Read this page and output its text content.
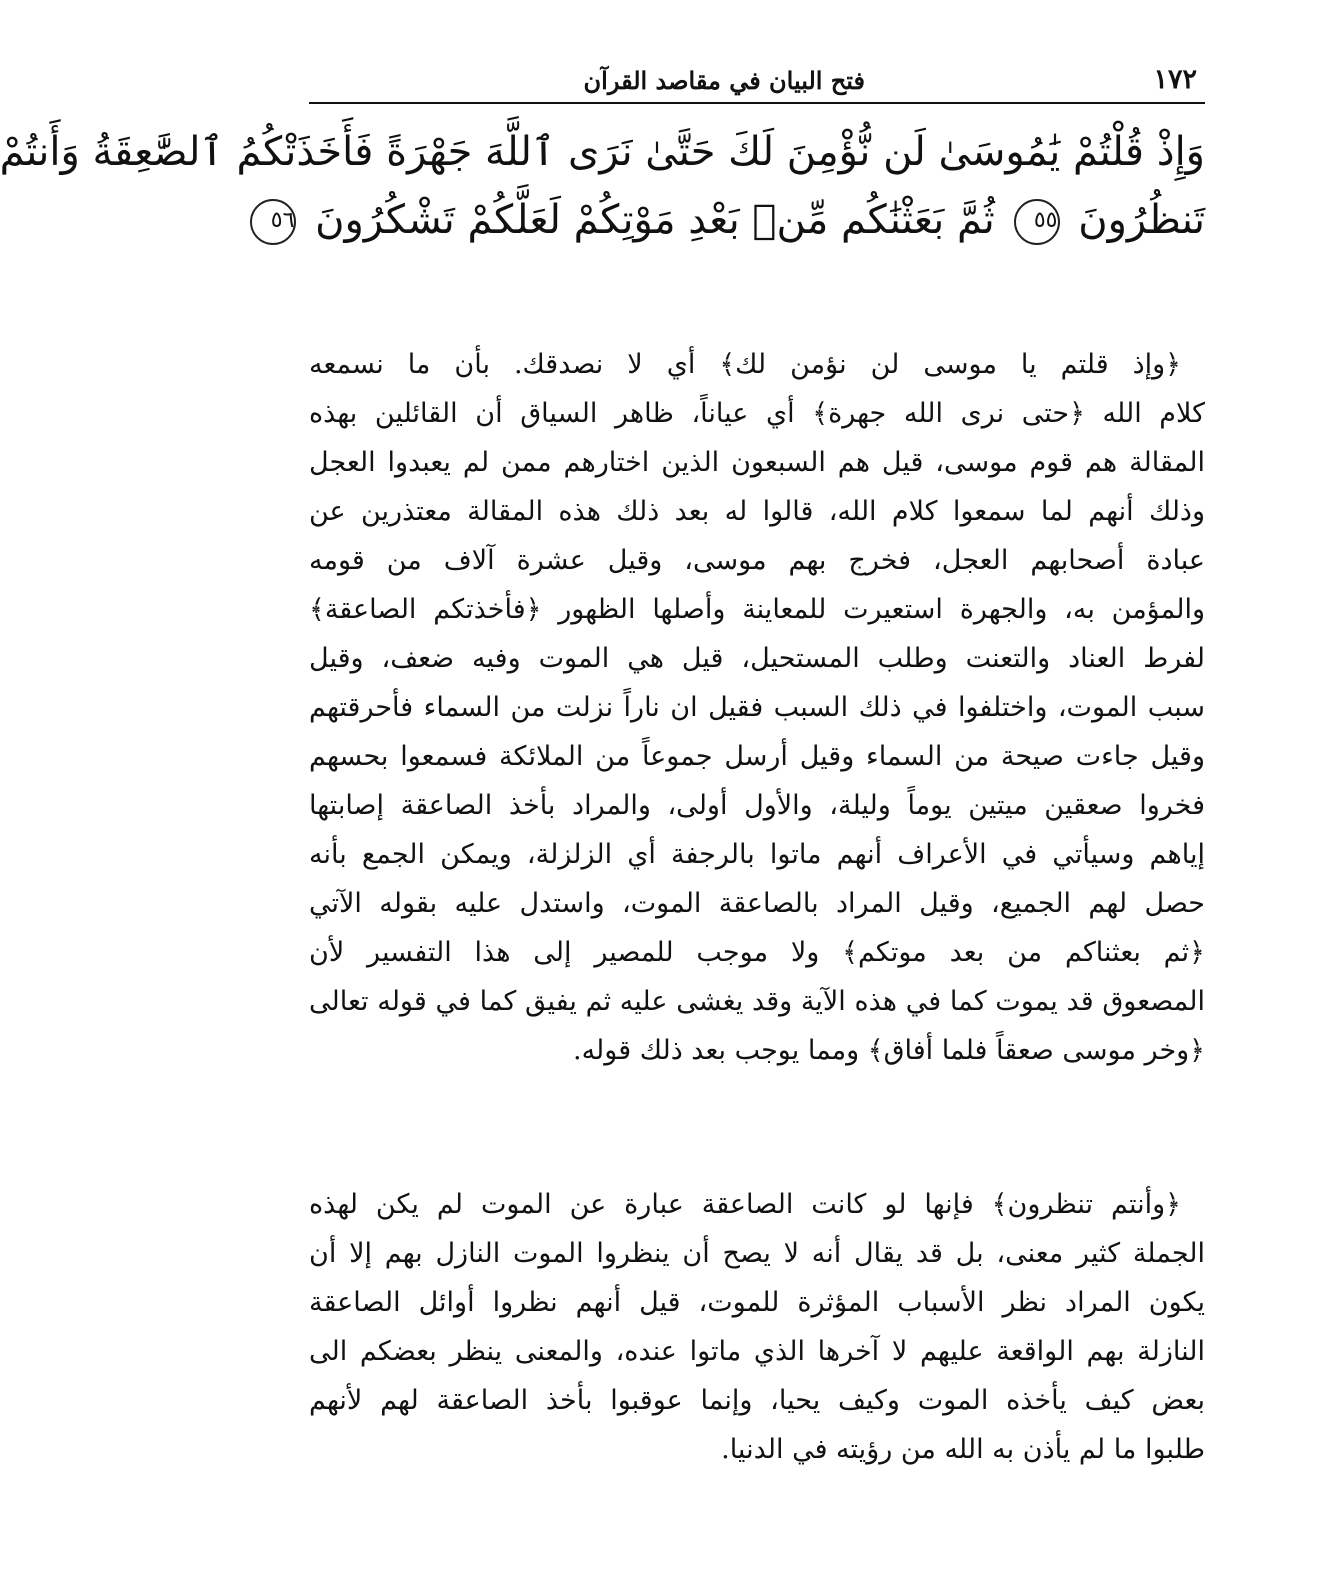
١٧٢
فتح البيان في مقاصد القرآن
وَإِذْ قُلْتُمْ يَٰمُوسَىٰ لَن نُّؤْمِنَ لَكَ حَتَّىٰ نَرَى ٱللَّهَ جَهْرَةً فَأَخَذَتْكُمُ ٱلصَّٰعِقَةُ وَأَنتُمْ
تَنظُرُونَ ٥٥ ثُمَّ بَعَثْنَٰكُم مِّنۢ بَعْدِ مَوْتِكُمْ لَعَلَّكُمْ تَشْكُرُونَ ٥٦
﴿وإذ قلتم يا موسى لن نؤمن لك﴾ أي لا نصدقك. بأن ما نسمعه
كلام الله ﴿حتى نرى الله جهرة﴾ أي عياناً، ظاهر السياق أن القائلين بهذه
المقالة هم قوم موسى، قيل هم السبعون الذين اختارهم ممن لم يعبدوا العجل
وذلك أنهم لما سمعوا كلام الله، قالوا له بعد ذلك هذه المقالة معتذرين عن
عبادة أصحابهم العجل، فخرج بهم موسى، وقيل عشرة آلاف من قومه
والمؤمن به، والجهرة استعيرت للمعاينة وأصلها الظهور ﴿فأخذتكم الصاعقة﴾
لفرط العناد والتعنت وطلب المستحيل، قيل هي الموت وفيه ضعف، وقيل
سبب الموت، واختلفوا في ذلك السبب فقيل ان ناراً نزلت من السماء فأحرقتهم
وقيل جاءت صيحة من السماء وقيل أرسل جموعاً من الملائكة فسمعوا بحسهم
فخروا صعقين ميتين يوماً وليلة، والأول أولى، والمراد بأخذ الصاعقة إصابتها
إياهم وسيأتي في الأعراف أنهم ماتوا بالرجفة أي الزلزلة، ويمكن الجمع بأنه
حصل لهم الجميع، وقيل المراد بالصاعقة الموت، واستدل عليه بقوله الآتي
﴿ثم بعثناكم من بعد موتكم﴾ ولا موجب للمصير إلى هذا التفسير لأن
المصعوق قد يموت كما في هذه الآية وقد يغشى عليه ثم يفيق كما في قوله تعالى
﴿وخر موسى صعقاً فلما أفاق﴾ ومما يوجب بعد ذلك قوله.
﴿وأنتم تنظرون﴾ فإنها لو كانت الصاعقة عبارة عن الموت لم يكن لهذه
الجملة كثير معنى، بل قد يقال أنه لا يصح أن ينظروا الموت النازل بهم إلا أن
يكون المراد نظر الأسباب المؤثرة للموت، قيل أنهم نظروا أوائل الصاعقة
النازلة بهم الواقعة عليهم لا آخرها الذي ماتوا عنده، والمعنى ينظر بعضكم الى
بعض كيف يأخذه الموت وكيف يحيا، وإنما عوقبوا بأخذ الصاعقة لهم لأنهم
طلبوا ما لم يأذن به الله من رؤيته في الدنيا.
